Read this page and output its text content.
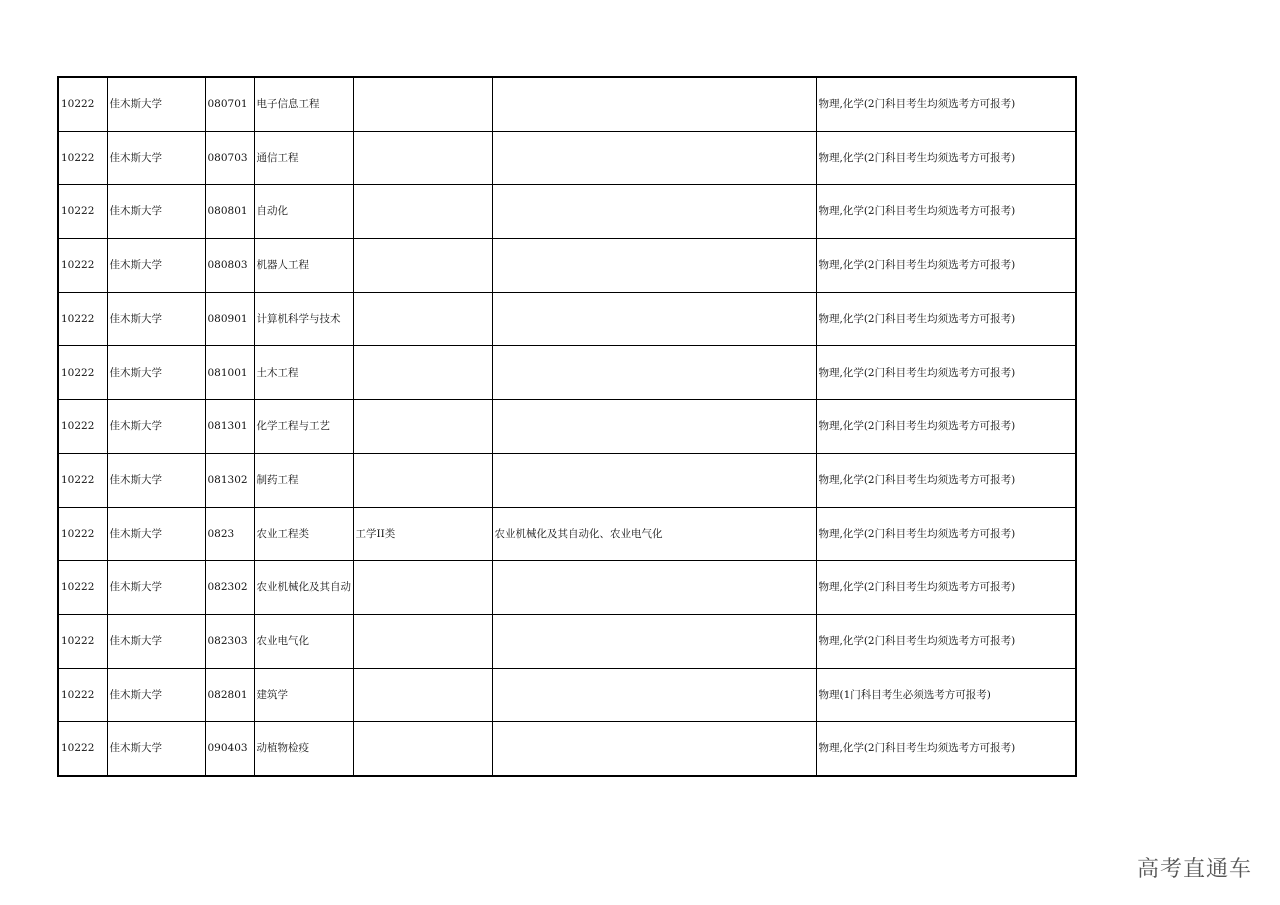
10222	佳木斯大学	080701	电子信息工程			物理,化学(2门科目考生均须选考方可报考)
10222	佳木斯大学	080703	通信工程			物理,化学(2门科目考生均须选考方可报考)
10222	佳木斯大学	080801	自动化			物理,化学(2门科目考生均须选考方可报考)
10222	佳木斯大学	080803	机器人工程			物理,化学(2门科目考生均须选考方可报考)
10222	佳木斯大学	080901	计算机科学与技术			物理,化学(2门科目考生均须选考方可报考)
10222	佳木斯大学	081001	土木工程			物理,化学(2门科目考生均须选考方可报考)
10222	佳木斯大学	081301	化学工程与工艺			物理,化学(2门科目考生均须选考方可报考)
10222	佳木斯大学	081302	制药工程			物理,化学(2门科目考生均须选考方可报考)
10222	佳木斯大学	0823	农业工程类	工学II类	农业机械化及其自动化、农业电气化	物理,化学(2门科目考生均须选考方可报考)
10222	佳木斯大学	082302	农业机械化及其自动			物理,化学(2门科目考生均须选考方可报考)
10222	佳木斯大学	082303	农业电气化			物理,化学(2门科目考生均须选考方可报考)
10222	佳木斯大学	082801	建筑学			物理(1门科目考生必须选考方可报考)
10222	佳木斯大学	090403	动植物检疫			物理,化学(2门科目考生均须选考方可报考)
高考直通车
